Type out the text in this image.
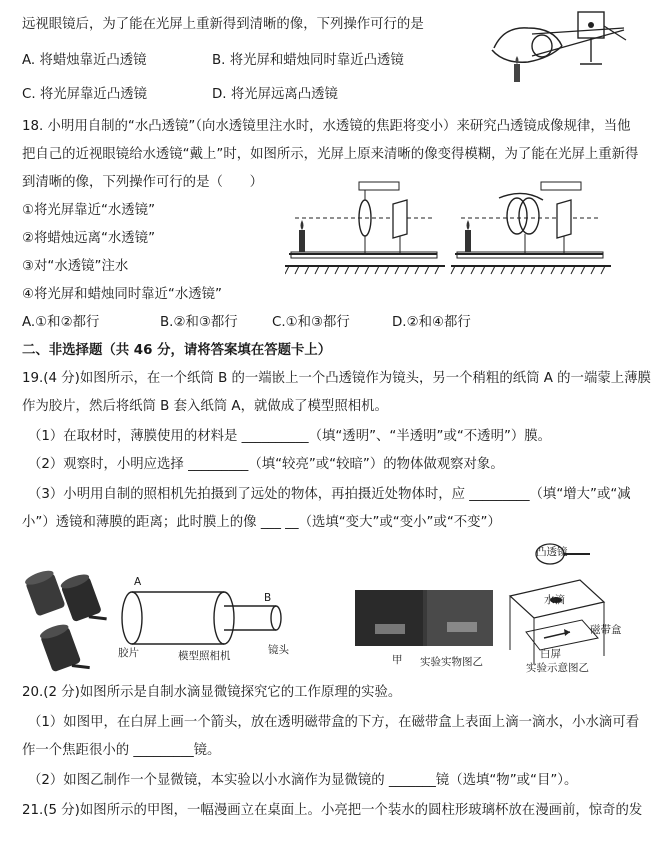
远视眼镜后，为了能在光屏上重新得到清晰的像，下列操作可行的是
A. 将蜡烛靠近凸透镜	B. 将光屏和蜡烛同时靠近凸透镜
C. 将光屏靠近凸透镜	D. 将光屏远离凸透镜
18. 小明用自制的“水凸透镜”（向水透镜里注水时，水透镜的焦距将变小）来研究凸透镜成像规律，当他
把自己的近视眼镜给水透镜“戴上”时，如图所示，光屏上原来清晰的像变得模糊，为了能在光屏上重新得
到清晰的像，下列操作可行的是（　　）
①将光屏靠近“水透镜”
②将蜡烛远离“水透镜”
③对“水透镜”注水
④将光屏和蜡烛同时靠近“水透镜”
A.①和②都行	B.②和③都行	C.①和③都行	D.②和④都行
二、非选择题（共 46 分，请将答案填在答题卡上）
19.(4 分)如图所示，在一个纸筒 B 的一端嵌上一个凸透镜作为镜头，另一个稍粗的纸筒 A 的一端蒙上薄膜
作为胶片，然后将纸筒 B 套入纸筒 A，就做成了模型照相机。
（1）在取材时，薄膜使用的材料是 __________（填“透明”、“半透明”或“不透明”）膜。
（2）观察时，小明应选择 _________（填“较亮”或“较暗”）的物体做观察对象。
（3）小明用自制的照相机先拍摄到了远处的物体，再拍摄近处物体时，应 _________（填“增大”或“减
小”）透镜和薄膜的距离；此时膜上的像 ___ __（选填“变大”或“变小”或“不变”）
A
B
胶片	模型照相机	镜头
甲 实验实物图乙
凸透镜
水滴
磁带盒
白屏
实验示意图乙
20.(2 分)如图所示是自制水滴显微镜探究它的工作原理的实验。
（1）如图甲，在白屏上画一个箭头，放在透明磁带盒的下方，在磁带盒上表面上滴一滴水，小水滴可看
作一个焦距很小的 _________镜。
（2）如图乙制作一个显微镜，本实验以小水滴作为显微镜的 _______镜（选填“物”或“目”）。
21.(5 分)如图所示的甲图，一幅漫画立在桌面上。小亮把一个装水的圆柱形玻璃杯放在漫画前，惊奇的发
